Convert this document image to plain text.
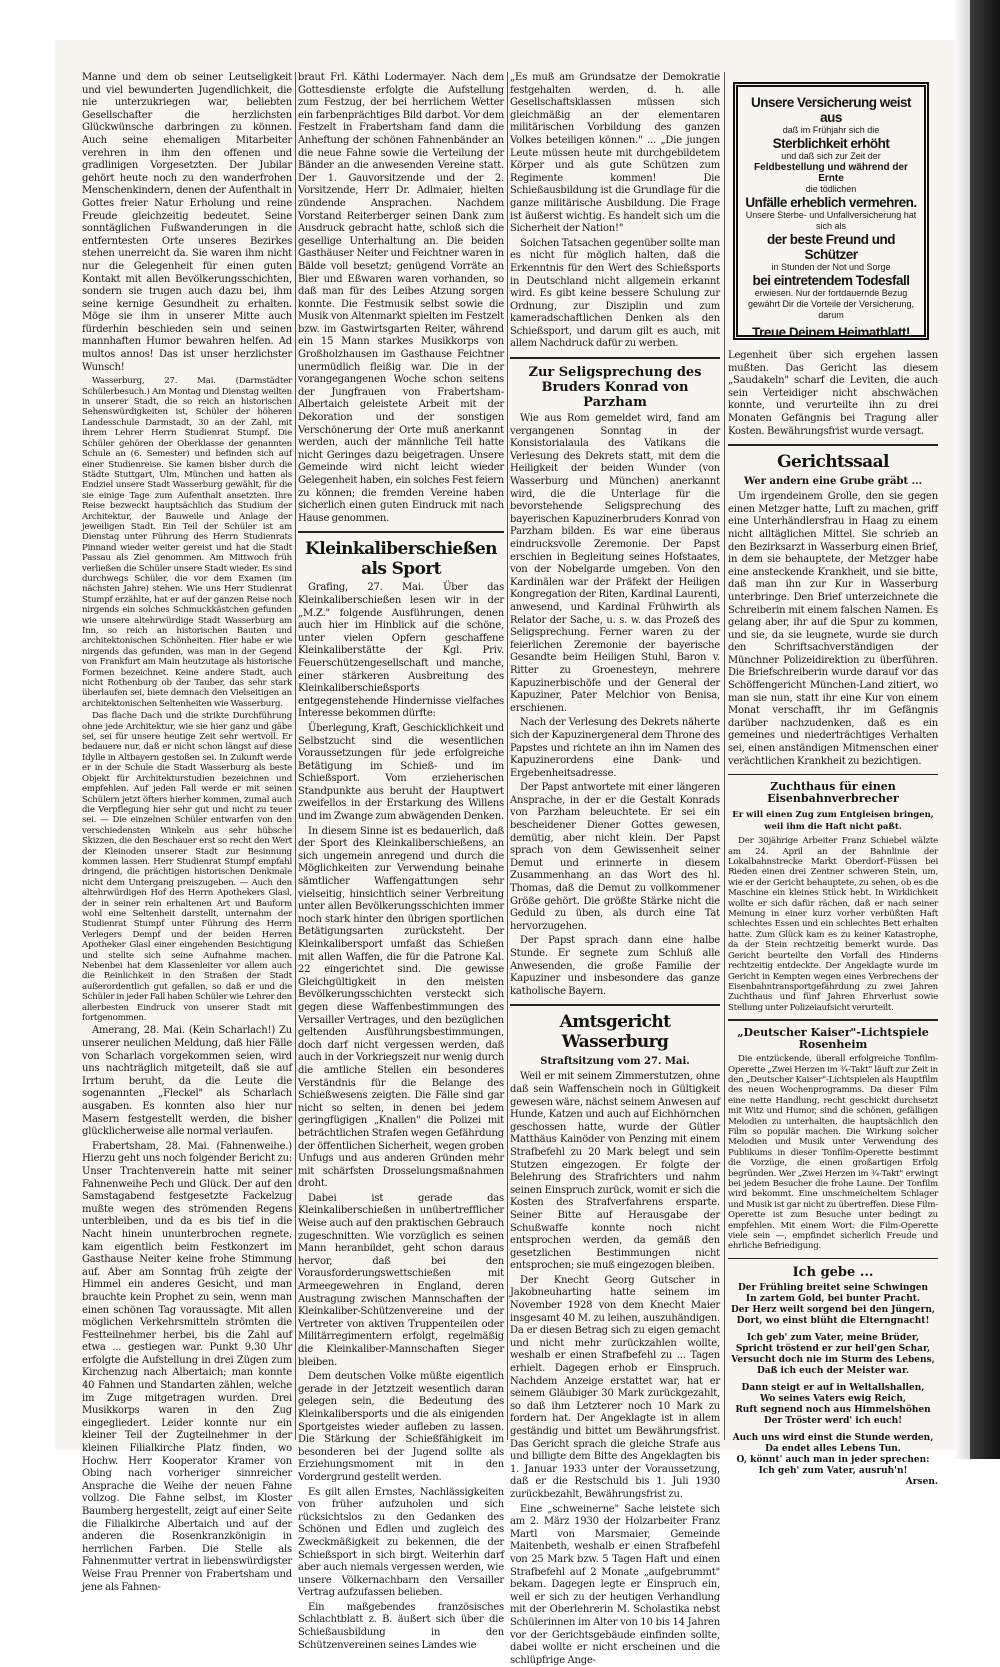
Manne und dem ob seiner Leutseligkeit und viel bewunderten Jugendlichkeit, die nie unterzukriegen war, beliebten Gesellschafter die herzlichsten Glückwünsche darbringen zu können. Auch seine ehemaligen Mitarbeiter verehren in ihm den offenen und gradlinigen Vorgesetzten. Der Jubilar gehört heute noch zu den wanderfrohen Menschenkindern, denen der Aufenthalt in Gottes freier Natur Erholung und reine Freude gleichzeitig bedeutet. Seine sonntäglichen Fußwanderungen in die entferntesten Orte unseres Bezirkes stehen unerreicht da. Sie waren ihm nicht nur die Gelegenheit für einen guten Kontakt mit allen Bevölkerungsschichten, sondern sie trugen auch dazu bei, ihm seine kernige Gesundheit zu erhalten. Möge sie ihm in unserer Mitte auch fürderhin beschieden sein und seinen mannhaften Humor bewahren helfen. Ad multos annos! Das ist unser herzlichster Wunsch!

Wasserburg, 27. Mai. (Darmstädter Schülerbesuch.) Am Montag und Dienstag weilten in unserer Stadt, die so reich an historischen Sehenswürdigkeiten ist, Schüler der höheren Landesschule Darmstadt, 30 an der Zahl, mit ihrem Lehrer Herrn Studienrat Stumpf. Die Schüler gehören der Oberklasse der genannten Schule an (6. Semester) und befinden sich auf einer Studienreise. Sie kamen bisher durch die Städte Stuttgart, Ulm, München und hatten als Endziel unsere Stadt Wasserburg gewählt, für die sie einige Tage zum Aufenthalt ansetzten. Ihre Reise bezweckt hauptsächlich das Studium der Architektur, der Bauweile und Anlage der jeweiligen Stadt. Ein Teil der Schüler ist am Dienstag unter Führung des Herrn Studienrats Pinnand wieder weiter gereist und hat die Stadt Passau als Ziel genommen. Am Mittwoch früh verließen die Schüler unsere Stadt wieder. Es sind durchwegs Schüler, die vor dem Examen (im nächsten Jahre) stehen. Wie uns Herr Studienrat Stumpf erzählte, hat er auf der ganzen Reise noch nirgends ein solches Schmuckkästchen gefunden wie unsere altehrwürdige Stadt Wasserburg am Inn, so reich an historischen Bauten und architektonischen Schönheiten. Hier habe er wie nirgends das gefunden, was man in der Gegend von Frankfurt am Main heutzutage als historische Formen bezeichnet. Keine andere Stadt, auch nicht Rothenburg ob der Tauber, das sehr stark überlaufen sei, biete demnach den Vielseitigen an architektonischen Seltenheiten wie Wasserburg.

Das flache Dach und die strikte Durchführung ohne jede Architektur, wie sie hier ganz und gäbe sei, sei für unsere heutige Zeit sehr wertvoll. Er bedauere nur, daß er nicht schon längst auf diese Idylle in Altbayern gestoßen sei. In Zukunft werde er in der Schule die Stadt Wasserburg als beste Objekt für Architekturstudien bezeichnen und empfehlen. Auf jeden Fall werde er mit seinen Schülern jetzt öfters hierher kommen, zumal auch die Verpflegung hier sehr gut und nicht zu teuer sei. — Die einzelnen Schüler entwarfen von den verschiedensten Winkeln aus sehr hübsche Skizzen, die den Beschauer erst so recht den Wert der Kleinoden unserer Stadt zur Besinnung kommen lassen. Herr Studienrat Stumpf empfahl dringend, die prächtigen historischen Denkmale nicht dem Untergang preiszugeben. — Auch den altehrwürdigen Hof des Herrn Apothekers Glasl, der in seiner rein erhaltenen Art und Bauform wohl eine Seltenheit darstellt, unternahm der Studienrat Stumpf unter Führung des Herrn Verlegers Dempf und der beiden Herren Apotheker Glasl einer eingehenden Besichtigung und stellte sich seine Aufnahme machen. Nebenbei hat dem Klassenleiter vor allem auch die Reinlichkeit in den Straßen der Stadt außerordentlich gut gefallen, so daß er und die Schüler in jeder Fall haben Schüler wie Lehrer den allerbesten Eindruck von unserer Stadt mit fortgenommen.

Amerang, 28. Mai. (Kein Scharlach!) Zu unserer neulichen Meldung, daß hier Fälle von Scharlach vorgekommen seien, wird uns nachträglich mitgeteilt, daß sie auf Irrtum beruht, da die Leute die sogenannten „Fleckel" als Scharlach ausgaben. Es konnten also hier nur Masern festgestellt werden, die bisher glücklicherweise alle normal verlaufen.

Frabertsham, 28. Mai. (Fahnenweihe.) Hierzu geht uns noch folgender Bericht zu: Unser Trachtenverein hatte mit seiner Fahnenweihe Pech und Glück. Der auf den Samstagabend festgesetzte Fackelzug mußte wegen des strömenden Regens unterbleiben, und da es bis tief in die Nacht hinein ununterbrochen regnete, kam eigentlich beim Festkonzert im Gasthause Neiter keine frohe Stimmung auf. Aber am Sonntag früh zeigte der Himmel ein anderes Gesicht, und man brauchte kein Prophet zu sein, wenn man einen schönen Tag voraussagte. Mit allen möglichen Verkehrsmitteln strömten die Festteilnehmer herbei, bis die Zahl auf etwa ... gestiegen war. Punkt 9.30 Uhr erfolgte die Aufstellung in drei Zügen zum Kirchenzug nach Albertaich; man konnte 40 Fahnen und Standarten zählen, welche im Zuge mitgetragen wurden. Drei Musikkorps waren in den Zug eingegliedert. Leider konnte nur ein kleiner Teil der Zugteilnehmer in der kleinen Filialkirche Platz finden, wo Hochw. Herr Kooperator Kramer von Obing nach vorheriger sinnreicher Ansprache die Weihe der neuen Fahne vollzog. Die Fahne selbst, im Kloster Baumberg hergestellt, zeigt auf einer Seite die Filialkirche Albertaich und auf der anderen die Rosenkranzkönigin in herrlichen Farben. Die Stelle als Fahnenmutter vertrat in liebenswürdigster Weise Frau Prenner von Frabertsham und jene als Fahnen-

braut Frl. Käthi Lodermayer. Nach dem Gottesdienste erfolgte die Aufstellung zum Festzug, der bei herrlichem Wetter ein farbenprächtiges Bild darbot. Vor dem Festzelt in Frabertsham fand dann die Anheftung der schönen Fahnenbänder an die neue Fahne sowie die Verteilung der Bänder an die anwesenden Vereine statt. Der 1. Gauvorsitzende und der 2. Vorsitzende, Herr Dr. Adlmaier, hielten zündende Ansprachen. Nachdem Vorstand Reiterberger seinen Dank zum Ausdruck gebracht hatte, schloß sich die gesellige Unterhaltung an. Die beiden Gasthäuser Neiter und Feichtner waren in Bälde voll besetzt; genügend Vorräte an Bier und Eßwaren waren vorhanden, so daß man für des Leibes Atzung sorgen konnte. Die Festmusik selbst sowie die Musik von Altenmarkt spielten im Festzelt bzw. im Gastwirtsgarten Reiter, während ein 15 Mann starkes Musikkorps von Großholzhausen im Gasthause Feichtner unermüdlich fleißig war. Die in der vorangegangenen Woche schon seitens der Jungfrauen von Frabertsham-Albertaich geleistete Arbeit mit der Dekoration und der sonstigen Verschönerung der Orte muß anerkannt werden, auch der männliche Teil hatte nicht Geringes dazu beigetragen. Unsere Gemeinde wird nicht leicht wieder Gelegenheit haben, ein solches Fest feiern zu können; die fremden Vereine haben sicherlich einen guten Eindruck mit nach Hause genommen.

Kleinkaliberschießen als Sport

Grafing, 27. Mai. Über das Kleinkaliberschießen lesen wir in der „M.Z." folgende Ausführungen, denen auch hier im Hinblick auf die schöne, unter vielen Opfern geschaffene Kleinkaliberstätte der Kgl. Priv. Feuerschützengesellschaft und manche, einer stärkeren Ausbreitung des Kleinkaliberschießsports entgegenstehende Hindernisse vielfaches Interesse bekommen dürfte:

Überlegung, Kraft, Geschicklichkeit und Selbstzucht sind die wesentlichen Voraussetzungen für jede erfolgreiche Betätigung im Schieß- und im Schießsport. Vom erzieherischen Standpunkte aus beruht der Hauptwert zweifellos in der Erstarkung des Willens und im Zwange zum abwägenden Denken.

In diesem Sinne ist es bedauerlich, daß der Sport des Kleinkaliberschießens, an sich ungemein anregend und durch die Möglichkeiten zur Verwendung beinahe sämtlicher Waffengattungen sehr vielseitig, hinsichtlich seiner Verbreitung unter allen Bevölkerungsschichten immer noch stark hinter den übrigen sportlichen Betätigungsarten zurücksteht. Der Kleinkalibersport umfaßt das Schießen mit allen Waffen, die für die Patrone Kal. 22 eingerichtet sind. Die gewisse Gleichgültigkeit in den meisten Bevölkerungsschichten versteckt sich gegen diese Waffenbestimmungen des Versailler Vertrages, und den bezüglichen geltenden Ausführungsbestimmungen, doch darf nicht vergessen werden, daß auch in der Vorkriegszeit nur wenig durch die amtliche Stellen ein besonderes Verständnis für die Belange des Schießwesens zeigten. Die Fälle sind gar nicht so selten, in denen bei jedem geringfügigen „Knallen" die Polizei mit beträchtlichen Strafen wegen Gefährdung der öffentlichen Sicherheit, wegen groben Unfugs und aus anderen Gründen mehr mit schärfsten Drosselungsmaßnahmen droht.

Dabei ist gerade das Kleinkaliberschießen in unübertrefflicher Weise auch auf den praktischen Gebrauch zugeschnitten. Wie vorzüglich es seinen Mann heranbildet, geht schon daraus hervor, daß bei den Vorausforderungswettschießen mit Armeegewehren in England, deren Austragung zwischen Mannschaften der Kleinkaliber-Schützenvereine und der Vertreter von aktiven Truppenteilen oder Militärregimentern erfolgt, regelmäßig die Kleinkaliber-Mannschaften Sieger bleiben.

Dem deutschen Volke müßte eigentlich gerade in der Jetztzeit wesentlich daran gelegen sein, die Bedeutung des Kleinkalibersports und die als einigenden Sportgeistes wieder aufleben zu lassen. Die Stärkung der Schießfähigkeit im besonderen bei der Jugend sollte als Erziehungsmoment mit in den Vordergrund gestellt werden.

Es gilt allen Ernstes, Nachlässigkeiten von früher aufzuholen und sich rücksichtslos zu den Gedanken des Schönen und Edlen und zugleich des Zweckmäßigkeit zu bekennen, die der Schießsport in sich birgt. Weiterhin darf aber auch niemals vergessen werden, wie unsere Völkernachbarn den Versailler Vertrag aufzufassen belieben.

Ein maßgebendes französisches Schlachtblatt z. B. äußert sich über die Schießausbildung in den Schützenvereinen seines Landes wie

„Es muß am Grundsatze der Demokratie festgehalten werden, d. h. alle Gesellschaftsklassen müssen sich gleichmäßig an der elementaren militärischen Vorbildung des ganzen Volkes beteiligen können." ... „Die jungen Leute müssen heute mit durchgebildetem Körper und als gute Schützen zum Regimente kommen! Die Schießausbildung ist die Grundlage für die ganze militärische Ausbildung. Die Frage ist äußerst wichtig. Es handelt sich um die Sicherheit der Nation!"

Solchen Tatsachen gegenüber sollte man es nicht für möglich halten, daß die Erkenntnis für den Wert des Schießsports in Deutschland nicht allgemein erkannt wird. Es gibt keine bessere Schulung zur Ordnung, zur Disziplin und zum kameradschaftlichen Denken als den Schießsport, und darum gilt es auch, mit allem Nachdruck dafür zu werben.

Zur Seligsprechung des Bruders Konrad von Parzham

Wie aus Rom gemeldet wird, fand am vergangenen Sonntag in der Konsistorialaula des Vatikans die Verlesung des Dekrets statt, mit dem die Heiligkeit der beiden Wunder (von Wasserburg und München) anerkannt wird, die die Unterlage für die bevorstehende Seligsprechung des bayerischen Kapuzinerbruders Konrad von Parzham bilden. Es war eine überaus eindrucksvolle Zeremonie. Der Papst erschien in Begleitung seines Hofstaates, von der Nobelgarde umgeben. Von den Kardinälen war der Präfekt der Heiligen Kongregation der Riten, Kardinal Laurenti, anwesend, und Kardinal Frühwirth als Relator der Sache, u. s. w. das Prozeß des Seligsprechung. Ferner waren zu der feierlichen Zeremonie der bayerische Gesandte beim Heiligen Stuhl, Baron v. Ritter zu Groenesteyn, mehrere Kapuzinerbischöfe und der General der Kapuziner, Pater Melchior von Benisa, erschienen.

Nach der Verlesung des Dekrets näherte sich der Kapuzinergeneral dem Throne des Papstes und richtete an ihn im Namen des Kapuzinerordens eine Dank- und Ergebenheitsadresse.

Der Papst antwortete mit einer längeren Ansprache, in der er die Gestalt Konrads von Parzham beleuchtete. Er sei ein bescheidener Diener Gottes gewesen, demütig, aber nicht klein. Der Papst sprach von dem Gewissenheit seiner Demut und erinnerte in diesem Zusammenhang an das Wort des hl. Thomas, daß die Demut zu vollkommener Größe gehört. Die größte Stärke nicht die Geduld zu üben, als durch eine Tat hervorzugehen.

Der Papst sprach dann eine halbe Stunde. Er segnete zum Schluß alle Anwesenden, die große Familie der Kapuziner und insbesondere das ganze katholische Bayern.

Amtsgericht Wasserburg
Straftsitzung vom 27. Mai.

Weil er mit seinem Zimmerstutzen, ohne daß sein Waffenschein noch in Gültigkeit gewesen wäre, nächst seinem Anwesen auf Hunde, Katzen und auch auf Eichhörnchen geschossen hatte, wurde der Gütler Matthäus Kainöder von Penzing mit einem Strafbefehl zu 20 Mark belegt und sein Stutzen eingezogen. Er folgte der Belehrung des Strafrichters und nahm seinen Einspruch zurück, womit er sich die Kosten des Strafverfahrens ersparte. Seiner Bitte auf Herausgabe der Schußwaffe konnte noch nicht entsprochen werden, da gemäß den gesetzlichen Bestimmungen nicht entsprochen; sie muß eingezogen bleiben.

Der Knecht Georg Gutscher in Jakobneuharting hatte seinem im November 1928 von dem Knecht Maier insgesamt 40 M. zu leihen, auszuhändigen. Da er diesen Betrag sich zu eigen gemacht und nicht mehr zurückzahlen wollte, weshalb er einen Strafbefehl zu ... Tagen erhielt. Dagegen erhob er Einspruch. Nachdem Anzeige erstattet war, hat er seinem Gläubiger 30 Mark zurückgezahlt, so daß ihm Letzterer noch 10 Mark zu fordern hat. Der Angeklagte ist in allem geständig und bittet um Bewährungsfrist. Das Gericht sprach die gleiche Strafe aus und billigte dem Bitte des Angeklagten bis 1. Januar 1933 unter der Voraussetzung, daß er die Restschuld bis 1. Juli 1930 zurückbezahlt, Bewährungsfrist zu.

Eine „schweinerne" Sache leistete sich am 2. März 1930 der Holzarbeiter Franz Martl von Marsmaier, Gemeinde Maitenbeth, weshalb er einen Strafbefehl von 25 Mark bzw. 5 Tagen Haft und einen Strafbefehl auf 2 Monate „aufgebrummt" bekam. Dagegen legte er Einspruch ein, weil er sich zu der heutigen Verhandlung mit der Oberlehrerin M. Scholastika nebst Schülerinnen im Alter von 10 bis 14 Jahren vor der Gerichtsgebäude einfinden sollte, dabei wollte er nicht erscheinen und die schlüpfrige Ange-

Unsere Versicherung weist aus
daß im Frühjahr sich die
Sterblichkeit erhöht
und daß sich zur Zeit der
Feldbestellung und während der Ernte
die tödlichen
Unfälle erheblich vermehren.
Unsere Sterbe- und Unfallversicherung hat sich als
der beste Freund und Schützer
in Stunden der Not und Sorge
bei eintretendem Todesfall
erwiesen. Nur der fortdauernde Bezug gewährt Dir die Vorteile der Versicherung, darum
Treue Deinem Heimatblatt!

Legenheit über sich ergehen lassen mußten. Das Gericht las diesem „Saudakeln" scharf die Leviten, die auch sein Verteidiger nicht abschwächen konnte, und verurteilte ihn zu drei Monaten Gefängnis bei Tragung aller Kosten. Bewährungsfrist wurde versagt.

Gerichtssaal
Wer andern eine Grube gräbt ...

Um irgendeinem Grolle, den sie gegen einen Metzger hatte, Luft zu machen, griff eine Unterhändlersfrau in Haag zu einem nicht alltäglichen Mittel. Sie schrieb an den Bezirksarzt in Wasserburg einen Brief, in dem sie behauptete, der Metzger habe eine ansteckende Krankheit, und sie bitte, daß man ihn zur Kur in Wasserburg unterbringe. Den Brief unterzeichnete die Schreiberin mit einem falschen Namen. Es gelang aber, ihr auf die Spur zu kommen, und sie, da sie leugnete, wurde sie durch den Schriftsachverständigen der Münchner Polizeidirektion zu überführen. Die Briefschreiberin wurde darauf vor das Schöffengericht München-Land zitiert, wo man sie nun, statt ihr eine Kur von einem Monat verschafft, ihr im Gefängnis darüber nachzudenken, daß es ein gemeines und niederträchtiges Verhalten sei, einen anständigen Mitmenschen einer verächtlichen Krankheit zu bezichtigen.

Zuchthaus für einen Eisenbahnverbrecher
Er will einen Zug zum Entgleisen bringen, weil ihm die Haft nicht paßt.

Der 30jährige Arbeiter Franz Schiebel wälzte am 24. April an der Bahnlinie der Lokalbahnstrecke Markt Oberdorf–Füssen bei Rieden einen drei Zentner schweren Stein, um, wie er der Gericht behauptete, zu sehen, ob es die Maschine ein kleines Stück hebt. In Wirklichkeit wollte er sich dafür rächen, daß er nach seiner Meinung in einer kurz vorher verbüßten Haft schlechtes Essen und ein schlechtes Bett erhalten hatte. Zum Glück kam es zu keiner Katastrophe, da der Stein rechtzeitig bemerkt wurde. Das Gericht beurteilte den Vorfall des Hinderns rechtzeitig entdeckte. Der Angeklagte wurde im Gericht in Kempten wegen eines Verbrechens der Eisenbahntransportgefährdung zu zwei Jahren Zuchthaus und fünf Jahren Ehrverlust sowie Stellung unter Polizeiaufsicht verurteilt.

„Deutscher Kaiser"-Lichtspiele Rosenheim

Die entzückende, überall erfolgreiche Tonfilm-Operette „Zwei Herzen im ¾-Takt" läuft zur Zeit in den „Deutscher Kaiser"-Lichtspielen als Hauptfilm des neuen Wochenprogramms. Da dieser Film eine nette Handlung, recht geschickt durchsetzt mit Witz und Humor, sind die schönen, gefälligen Melodien zu unterhalten, die hauptsächlich den Film so populär machen. Die Wirkung solcher Melodien und Musik unter Verwendung des Publikums in dieser Tonfilm-Operette bestimmt die Vorzüge, die einen großartigen Erfolg begründen. Wer „Zwei Herzen im ¾-Takt" erwingt bei jedem Besucher die frohe Laune. Der Tonfilm wird bekommt. Eine unschmeicheltem Schlager und Musik ist gar nicht zu übertreffen. Diese Film-Operette ist zum Besuche unter bedingt zu empfehlen. Mit einem Wort: die Film-Operette viele sein —, empfindet sicherlich Freude und ehrliche Befriedigung.

Ich gebe ...

Der Frühling breitet seine Schwingen

In zartem Gold, bei bunter Pracht.

Der Herz weilt sorgend bei den Jüngern,

Dort, wo einst blüht die Elterngnacht!

Ich geb' zum Vater, meine Brüder,

Spricht tröstend er zur heil'gen Schar,

Versucht doch nie im Sturm des Lebens,

Daß ich euch der Meister war.

Dann steigt er auf in Weltallshallen,

Wo seines Vaters ewig Reich,

Ruft segnend noch aus Himmelshöhen

Der Tröster werd' ich euch!

Auch uns wird einst die Stunde werden,

Da endet alles Lebens Tun.

O, könnt' auch man in jeder sprechen:

Ich geh' zum Vater, ausruh'n!

Arsen.
